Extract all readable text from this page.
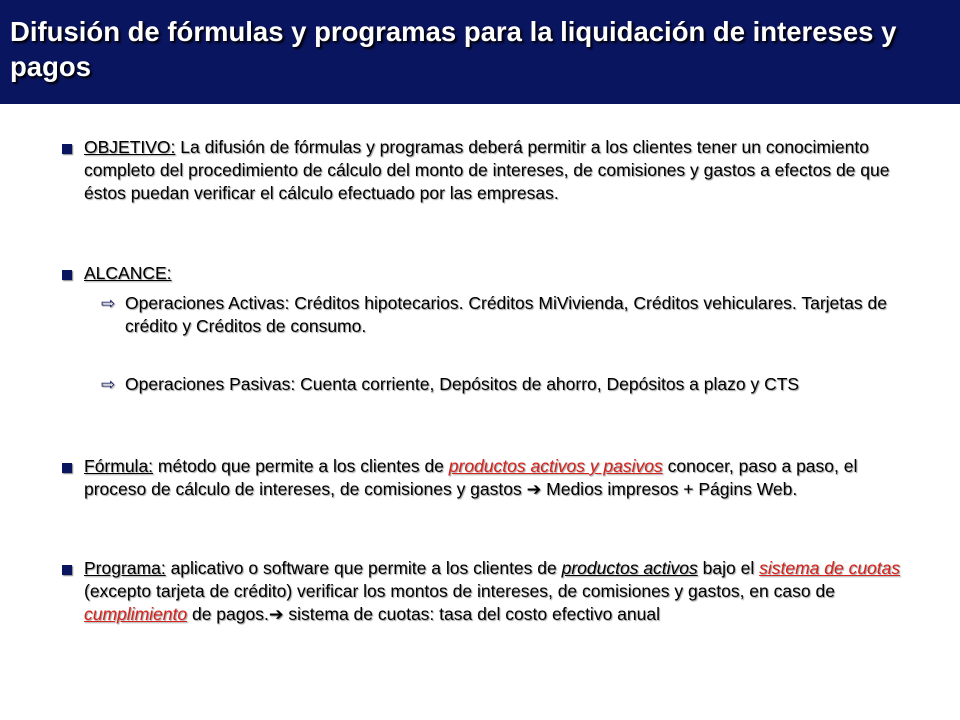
Difusión de fórmulas y programas para la liquidación de intereses y pagos
OBJETIVO: La difusión de fórmulas y programas deberá permitir a los clientes tener un conocimiento completo del procedimiento de cálculo del monto de intereses, de comisiones y gastos a efectos de que éstos puedan verificar el cálculo efectuado por las empresas.
ALCANCE:
⇨ Operaciones Activas: Créditos hipotecarios. Créditos MiVivienda, Créditos vehiculares. Tarjetas de crédito y Créditos de consumo.
⇨ Operaciones Pasivas: Cuenta corriente, Depósitos de ahorro, Depósitos a plazo y CTS
Fórmula: método que permite a los clientes de productos activos y pasivos conocer, paso a paso, el proceso de cálculo de intereses, de comisiones y gastos ➔ Medios impresos + Págins Web.
Programa: aplicativo o software que permite a los clientes de productos activos bajo el sistema de cuotas (excepto tarjeta de crédito) verificar los montos de intereses, de comisiones y gastos, en caso de cumplimiento de pagos.➔ sistema de cuotas: tasa del costo efectivo anual
